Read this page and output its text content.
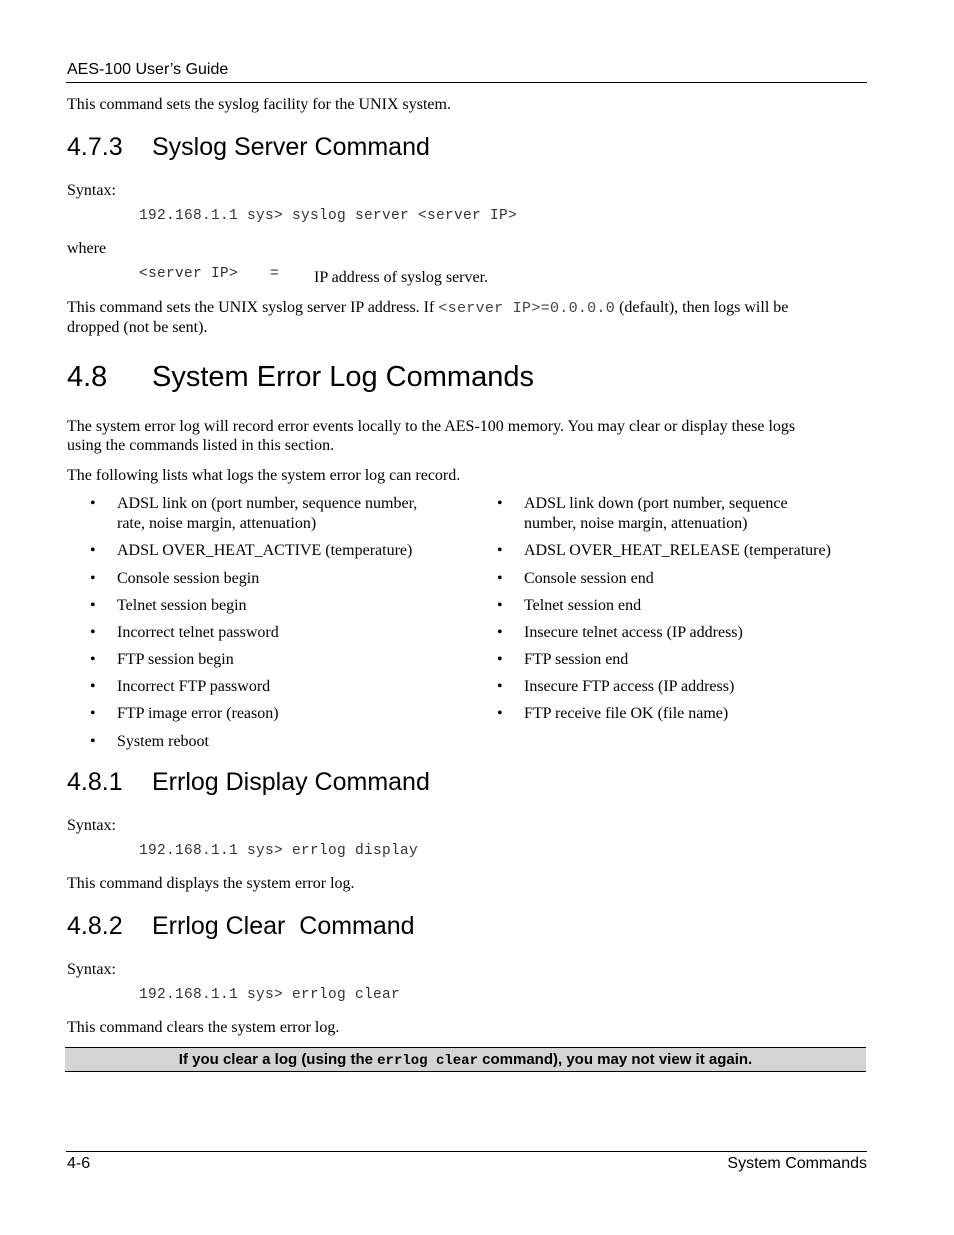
AES-100 User’s Guide
This command sets the syslog facility for the UNIX system.
4.7.3 Syslog Server Command
Syntax:
192.168.1.1 sys> syslog server <server IP>
where
<server IP> = IP address of syslog server.
This command sets the UNIX syslog server IP address. If <server IP>=0.0.0.0 (default), then logs will be
dropped (not be sent).
4.8 System Error Log Commands
The system error log will record error events locally to the AES-100 memory. You may clear or display these logs
using the commands listed in this section.
The following lists what logs the system error log can record.
• ADSL link on (port number, sequence number,
rate, noise margin, attenuation)
• ADSL OVER_HEAT_ACTIVE (temperature)
• Console session begin
• Telnet session begin
• Incorrect telnet password
• FTP session begin
• Incorrect FTP password
• FTP image error (reason)
• System reboot
• ADSL link down (port number, sequence
number, noise margin, attenuation)
• ADSL OVER_HEAT_RELEASE (temperature)
• Console session end
• Telnet session end
• Insecure telnet access (IP address)
• FTP session end
• Insecure FTP access (IP address)
• FTP receive file OK (file name)
4.8.1 Errlog Display Command
Syntax:
192.168.1.1 sys> errlog display
This command displays the system error log.
4.8.2 Errlog Clear  Command
Syntax:
192.168.1.1 sys> errlog clear
This command clears the system error log.
If you clear a log (using the errlog clear command), you may not view it again.
4-6	System Commands
